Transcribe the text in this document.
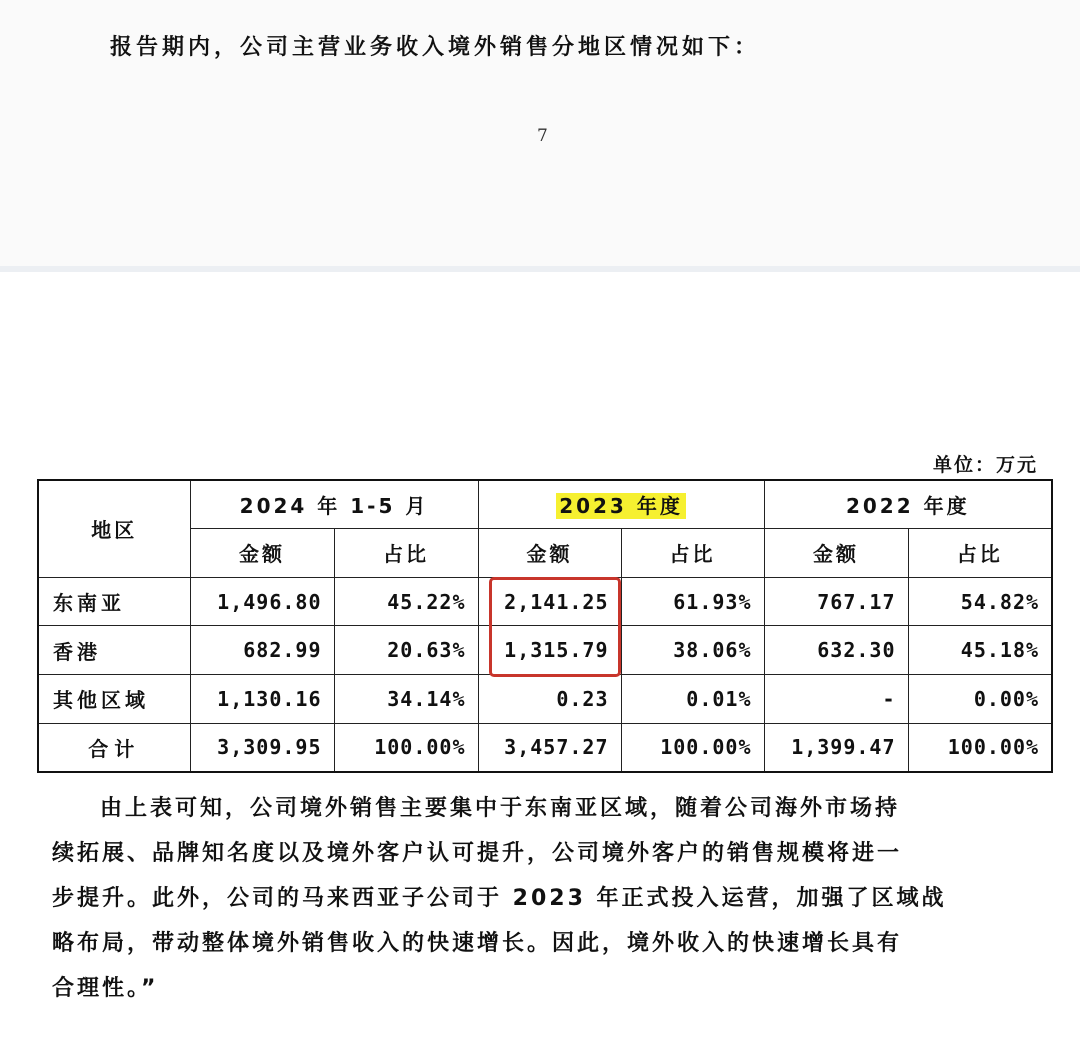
报告期内，公司主营业务收入境外销售分地区情况如下：
7
单位：万元
地区	2024 年 1-5 月		2023 年度		2022 年度	
	金额	占比	金额	占比	金额	占比
东南亚	1,496.80	45.22%	2,141.25	61.93%	767.17	54.82%
香港	682.99	20.63%	1,315.79	38.06%	632.30	45.18%
其他区域	1,130.16	34.14%	0.23	0.01%	-	0.00%
合计	3,309.95	100.00%	3,457.27	100.00%	1,399.47	100.00%
由上表可知，公司境外销售主要集中于东南亚区域，随着公司海外市场持
续拓展、品牌知名度以及境外客户认可提升，公司境外客户的销售规模将进一
步提升。此外，公司的马来西亚子公司于 2023 年正式投入运营，加强了区域战
略布局，带动整体境外销售收入的快速增长。因此，境外收入的快速增长具有
合理性。”
